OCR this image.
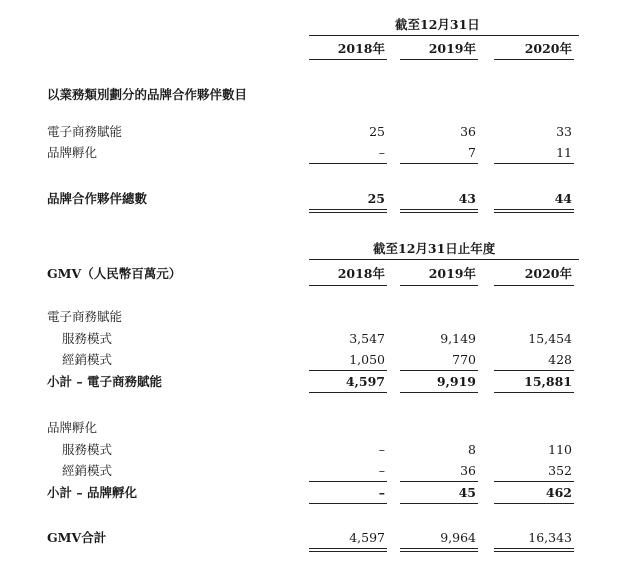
截至12月31日
2018年	2019年	2020年
以業務類別劃分的品牌合作夥伴數目
電子商務賦能	25	36	33
品牌孵化	–	7	11
品牌合作夥伴總數	25	43	44
截至12月31日止年度
GMV（人民幣百萬元）	2018年	2019年	2020年
電子商務賦能
服務模式	3,547	9,149	15,454
經銷模式	1,050	770	428
小計 – 電子商務賦能	4,597	9,919	15,881
品牌孵化
服務模式	–	8	110
經銷模式	–	36	352
小計 – 品牌孵化	–	45	462
GMV合計	4,597	9,964	16,343
